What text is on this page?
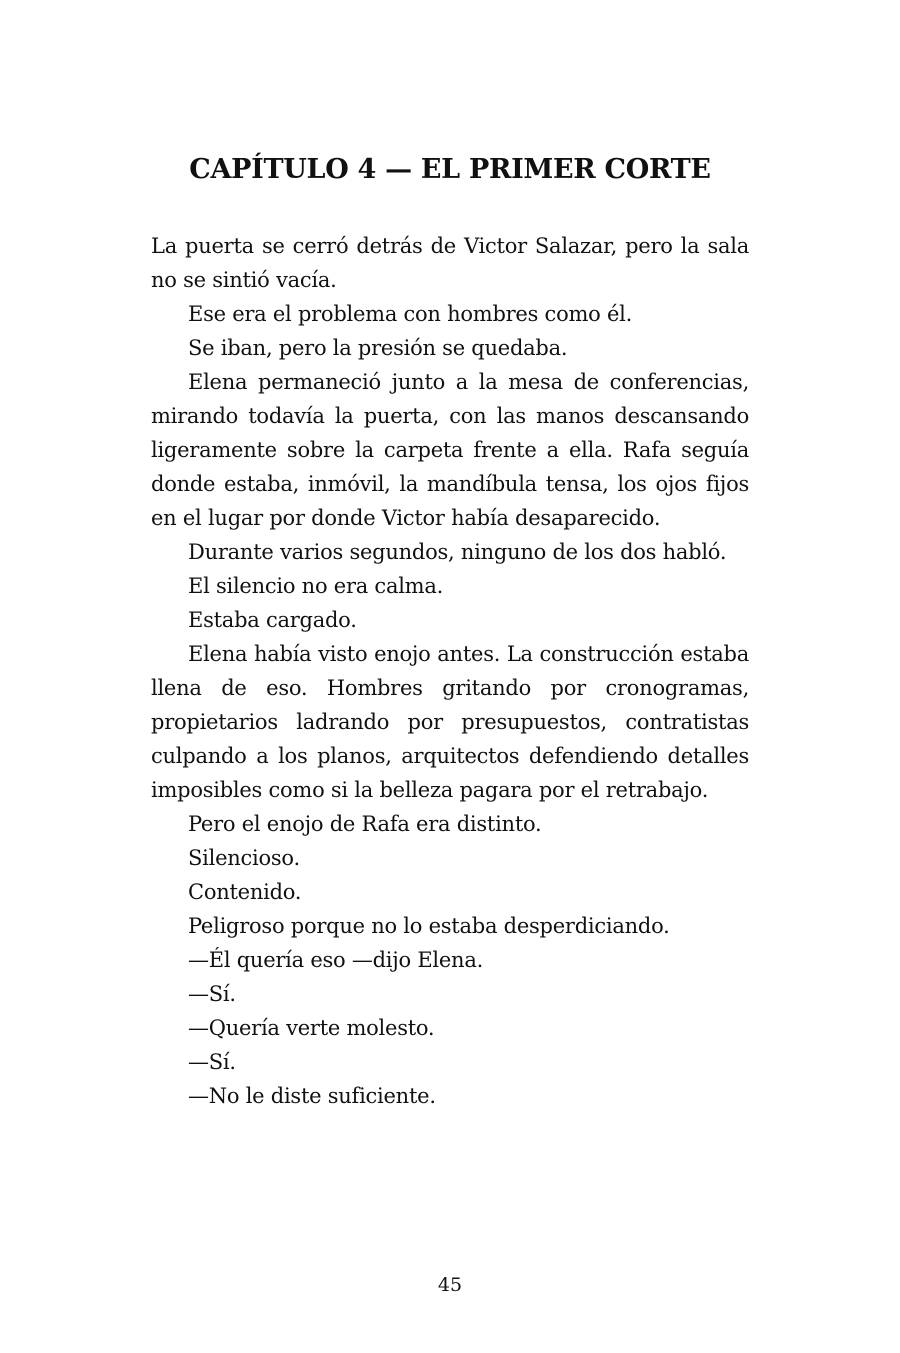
CAPÍTULO 4 — EL PRIMER CORTE

La puerta se cerró detrás de Victor Salazar, pero la sala no se sintió vacía.

Ese era el problema con hombres como él.

Se iban, pero la presión se quedaba.

Elena permaneció junto a la mesa de conferencias, mirando todavía la puerta, con las manos descansando ligeramente sobre la carpeta frente a ella. Rafa seguía donde estaba, inmóvil, la mandíbula tensa, los ojos fijos en el lugar por donde Victor había desaparecido.

Durante varios segundos, ninguno de los dos habló.

El silencio no era calma.

Estaba cargado.

Elena había visto enojo antes. La construcción estaba llena de eso. Hombres gritando por cronogramas, propietarios ladrando por presupuestos, contratistas culpando a los planos, arquitectos defendiendo detalles imposibles como si la belleza pagara por el retrabajo.

Pero el enojo de Rafa era distinto.

Silencioso.

Contenido.

Peligroso porque no lo estaba desperdiciando.

—Él quería eso —dijo Elena.

—Sí.

—Quería verte molesto.

—Sí.

—No le diste suficiente.

45
